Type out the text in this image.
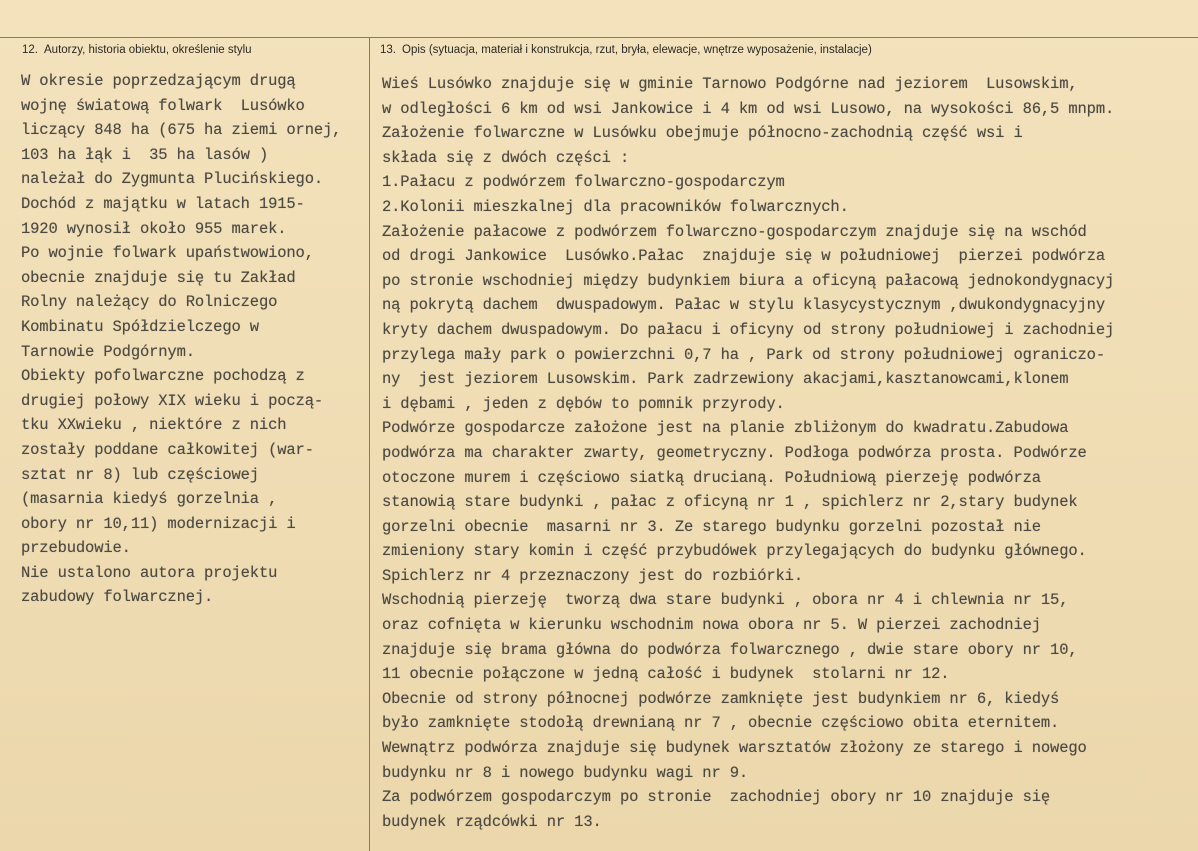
12. Autorzy, historia obiektu, określenie stylu	13. Opis (sytuacja, materiał i konstrukcja, rzut, bryła, elewacje, wnętrze wyposażenie, instalacje)
W okresie poprzedzającym drugą
wojnę światową folwark  Lusówko
liczący 848 ha (675 ha ziemi ornej,
103 ha łąk i  35 ha lasów )
należał do Zygmunta Plucińskiego.
Dochód z majątku w latach 1915-
1920 wynosił około 955 marek.
Po wojnie folwark upaństwowiono,
obecnie znajduje się tu Zakład
Rolny należący do Rolniczego
Kombinatu Spółdzielczego w
Tarnowie Podgórnym.
Obiekty pofolwarczne pochodzą z
drugiej połowy XIX wieku i począ-
tku XXwieku , niektóre z nich
zostały poddane całkowitej (war-
sztat nr 8) lub częściowej
(masarnia kiedyś gorzelnia ,
obory nr 10,11) modernizacji i
przebudowie.
Nie ustalono autora projektu
zabudowy folwarcznej.
Wieś Lusówko znajduje się w gminie Tarnowo Podgórne nad jeziorem  Lusowskim,
w odległości 6 km od wsi Jankowice i 4 km od wsi Lusowo, na wysokości 86,5 mnpm.
Założenie folwarczne w Lusówku obejmuje północno-zachodnią część wsi i
składa się z dwóch części :
1.Pałacu z podwórzem folwarczno-gospodarczym
2.Kolonii mieszkalnej dla pracowników folwarcznych.
Założenie pałacowe z podwórzem folwarczno-gospodarczym znajduje się na wschód
od drogi Jankowice  Lusówko.Pałac  znajduje się w południowej  pierzei podwórza
po stronie wschodniej między budynkiem biura a oficyną pałacową jednokondygnacyj
ną pokrytą dachem  dwuspadowym. Pałac w stylu klasycystycznym ,dwukondygnacyjny
kryty dachem dwuspadowym. Do pałacu i oficyny od strony południowej i zachodniej
przylega mały park o powierzchni 0,7 ha , Park od strony południowej ograniczo-
ny  jest jeziorem Lusowskim. Park zadrzewiony akacjami,kasztanowcami,klonem
i dębami , jeden z dębów to pomnik przyrody.
Podwórze gospodarcze założone jest na planie zbliżonym do kwadratu.Zabudowa
podwórza ma charakter zwarty, geometryczny. Podłoga podwórza prosta. Podwórze
otoczone murem i częściowo siatką drucianą. Południową pierzeję podwórza
stanowią stare budynki , pałac z oficyną nr 1 , spichlerz nr 2,stary budynek
gorzelni obecnie  masarni nr 3. Ze starego budynku gorzelni pozostał nie
zmieniony stary komin i część przybudówek przylegających do budynku głównego.
Spichlerz nr 4 przeznaczony jest do rozbiórki.
Wschodnią pierzeję  tworzą dwa stare budynki , obora nr 4 i chlewnia nr 15,
oraz cofnięta w kierunku wschodnim nowa obora nr 5. W pierzei zachodniej
znajduje się brama główna do podwórza folwarcznego , dwie stare obory nr 10,
11 obecnie połączone w jedną całość i budynek  stolarni nr 12.
Obecnie od strony północnej podwórze zamknięte jest budynkiem nr 6, kiedyś
było zamknięte stodołą drewnianą nr 7 , obecnie częściowo obita eternitem.
Wewnątrz podwórza znajduje się budynek warsztatów złożony ze starego i nowego
budynku nr 8 i nowego budynku wagi nr 9.
Za podwórzem gospodarczym po stronie  zachodniej obory nr 10 znajduje się
budynek rządcówki nr 13.
